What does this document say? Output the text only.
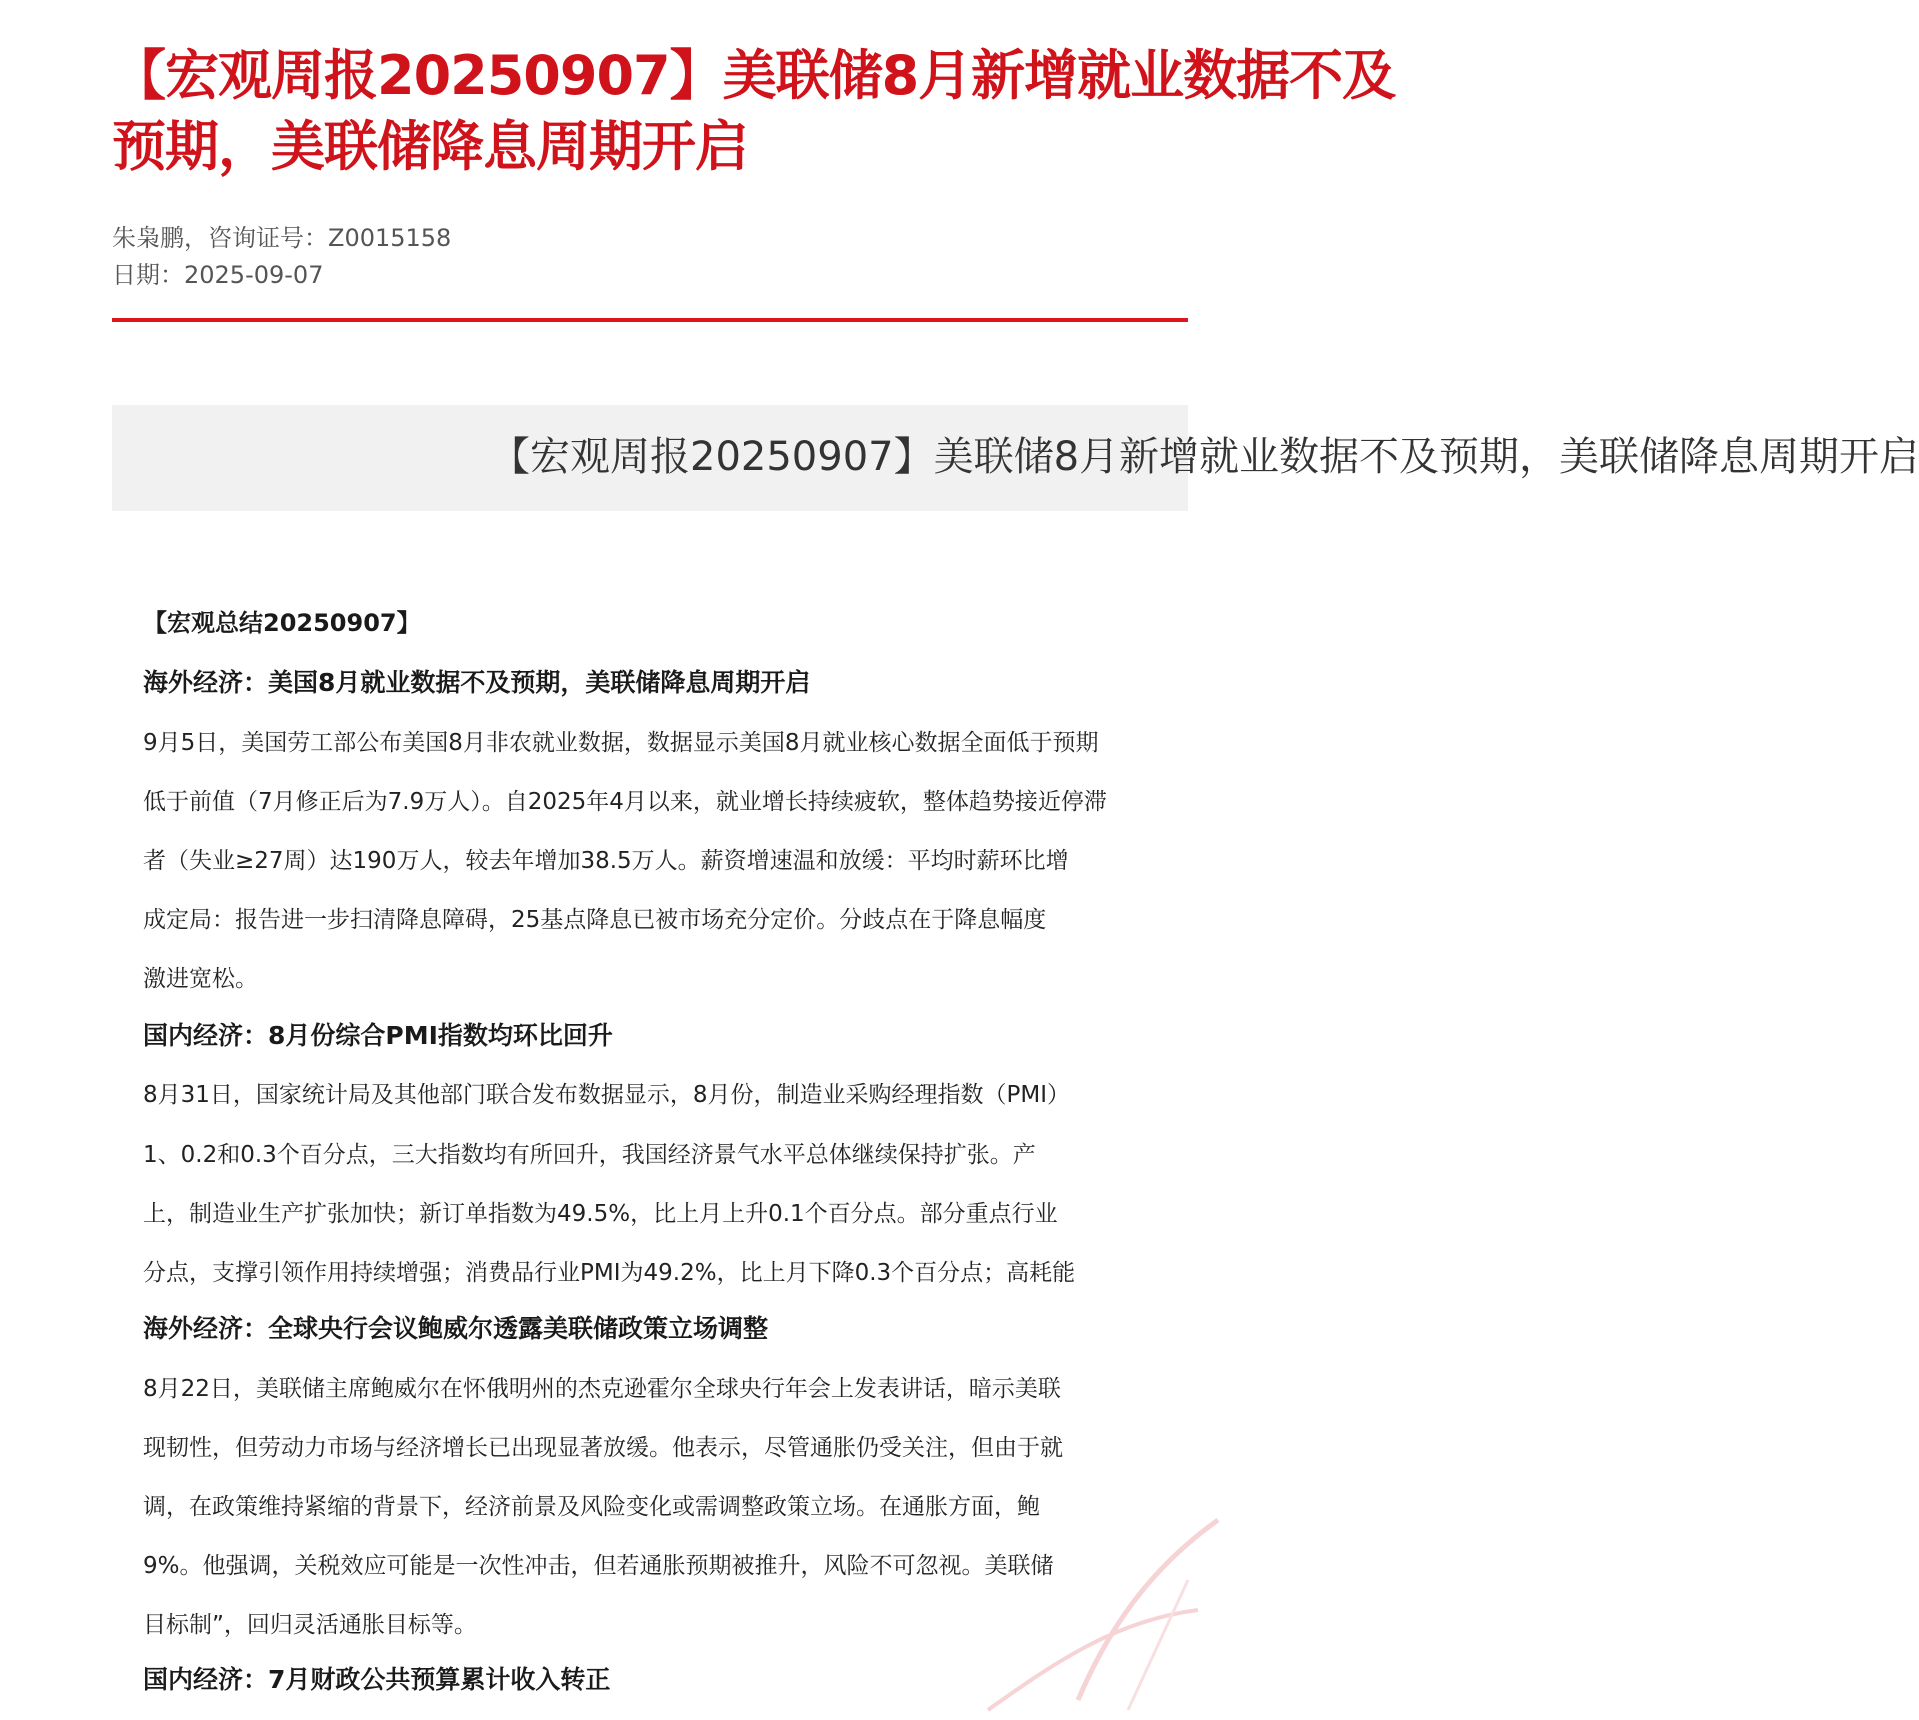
【宏观周报20250907】美联储8月新增就业数据不及预期，美联储降息周期开启
朱枭鹏，咨询证号：Z0015158
日期：2025-09-07
【宏观周报20250907】美联储8月新增就业数据不及预期，美联储降息周期开启
【宏观总结20250907】
海外经济：美国8月就业数据不及预期，美联储降息周期开启
9月5日，美国劳工部公布美国8月非农就业数据，数据显示美国8月就业核心数据全面低于预期
低于前值（7月修正后为7.9万人）。自2025年4月以来，就业增长持续疲软，整体趋势接近停滞
者（失业≥27周）达190万人，较去年增加38.5万人。薪资增速温和放缓：平均时薪环比增
成定局：报告进一步扫清降息障碍，25基点降息已被市场充分定价。分歧点在于降息幅度
激进宽松。
国内经济：8月份综合PMI指数均环比回升
8月31日，国家统计局及其他部门联合发布数据显示，8月份，制造业采购经理指数（PMI）
1、0.2和0.3个百分点，三大指数均有所回升，我国经济景气水平总体继续保持扩张。产
上，制造业生产扩张加快；新订单指数为49.5%，比上月上升0.1个百分点。部分重点行业
分点，支撑引领作用持续增强；消费品行业PMI为49.2%，比上月下降0.3个百分点；高耗能
海外经济：全球央行会议鲍威尔透露美联储政策立场调整
8月22日，美联储主席鲍威尔在怀俄明州的杰克逊霍尔全球央行年会上发表讲话，暗示美联
现韧性，但劳动力市场与经济增长已出现显著放缓。他表示，尽管通胀仍受关注，但由于就
调，在政策维持紧缩的背景下，经济前景及风险变化或需调整政策立场。在通胀方面，鲍
9%。他强调，关税效应可能是一次性冲击，但若通胀预期被推升，风险不可忽视。美联储
目标制”，回归灵活通胀目标等。
国内经济：7月财政公共预算累计收入转正
